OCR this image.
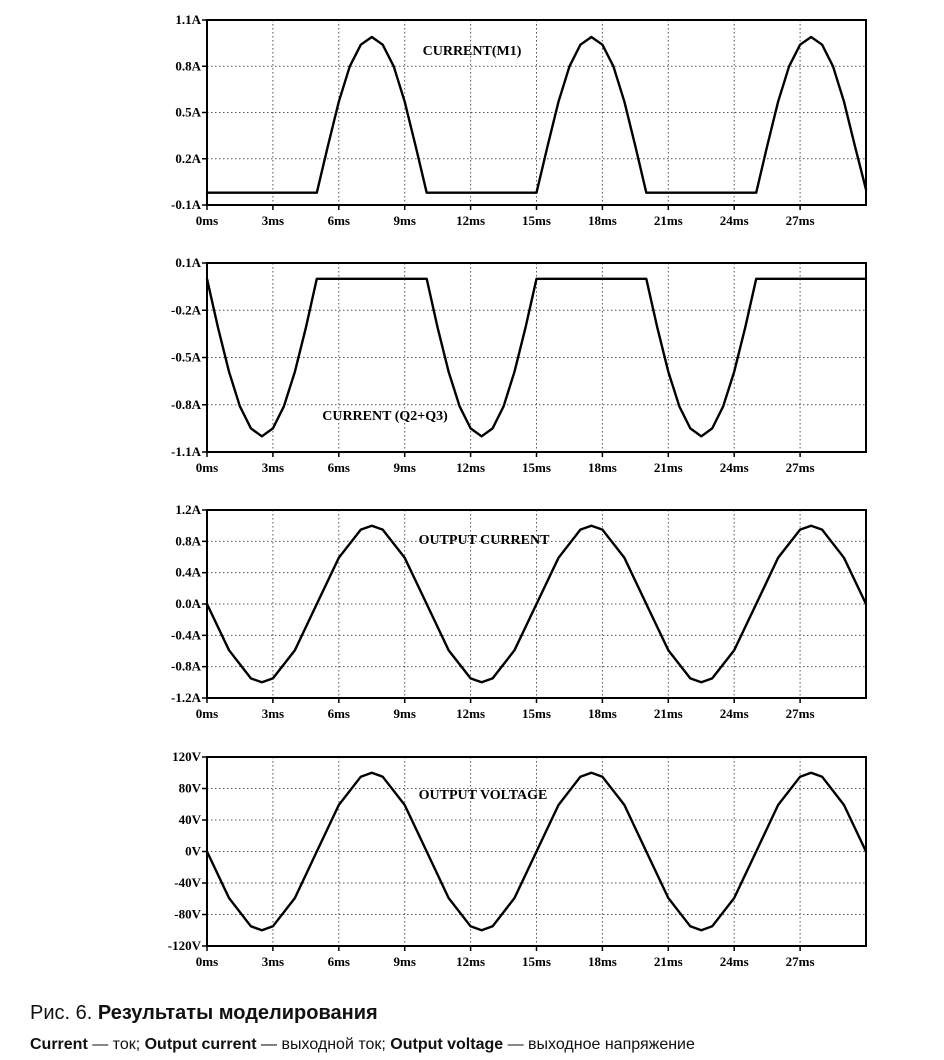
1.1A
0.8A
0.5A
0.2A
-0.1A
0ms	3ms	6ms	9ms	12ms	15ms	18ms	21ms	24ms	27ms
CURRENT(M1)
0.1A
-0.2A
-0.5A
-0.8A
-1.1A
0ms	3ms	6ms	9ms	12ms	15ms	18ms	21ms	24ms	27ms
CURRENT (Q2+Q3)
1.2A
0.8A
0.4A
0.0A
-0.4A
-0.8A
-1.2A
0ms	3ms	6ms	9ms	12ms	15ms	18ms	21ms	24ms	27ms
OUTPUT CURRENT
120V
80V
40V
0V
-40V
-80V
-120V
0ms	3ms	6ms	9ms	12ms	15ms	18ms	21ms	24ms	27ms
OUTPUT VOLTAGE
Рис. 6. Результаты моделирования
Current — ток; Output current — выходной ток; Output voltage — выходное напряжение
